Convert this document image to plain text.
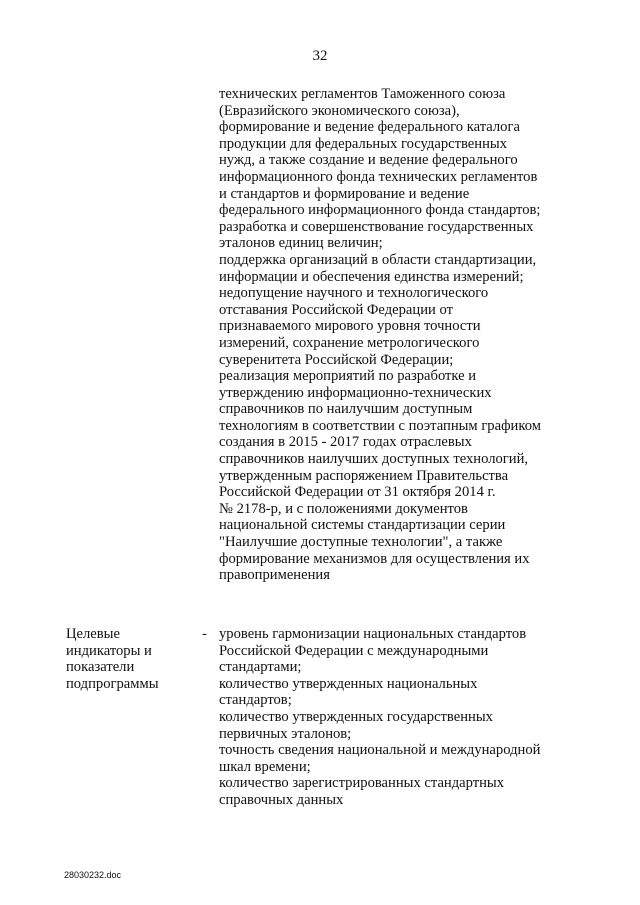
32
технических регламентов Таможенного союза
(Евразийского экономического союза),
формирование и ведение федерального каталога
продукции для федеральных государственных
нужд, а также создание и ведение федерального
информационного фонда технических регламентов
и стандартов и формирование и ведение
федерального информационного фонда стандартов;
разработка и совершенствование государственных
эталонов единиц величин;
поддержка организаций в области стандартизации,
информации и обеспечения единства измерений;
недопущение научного и технологического
отставания Российской Федерации от
признаваемого мирового уровня точности
измерений, сохранение метрологического
суверенитета Российской Федерации;
реализация мероприятий по разработке и
утверждению информационно-технических
справочников по наилучшим доступным
технологиям в соответствии с поэтапным графиком
создания в 2015 - 2017 годах отраслевых
справочников наилучших доступных технологий,
утвержденным распоряжением Правительства
Российской Федерации от 31 октября 2014 г.
№ 2178-р, и с положениями документов
национальной системы стандартизации серии
"Наилучшие доступные технологии", а также
формирование механизмов для осуществления их
правоприменения
Целевые
индикаторы и
показатели
подпрограммы
- уровень гармонизации национальных стандартов
Российской Федерации с международными
стандартами;
количество утвержденных национальных
стандартов;
количество утвержденных государственных
первичных эталонов;
точность сведения национальной и международной
шкал времени;
количество зарегистрированных стандартных
справочных данных
28030232.doc
